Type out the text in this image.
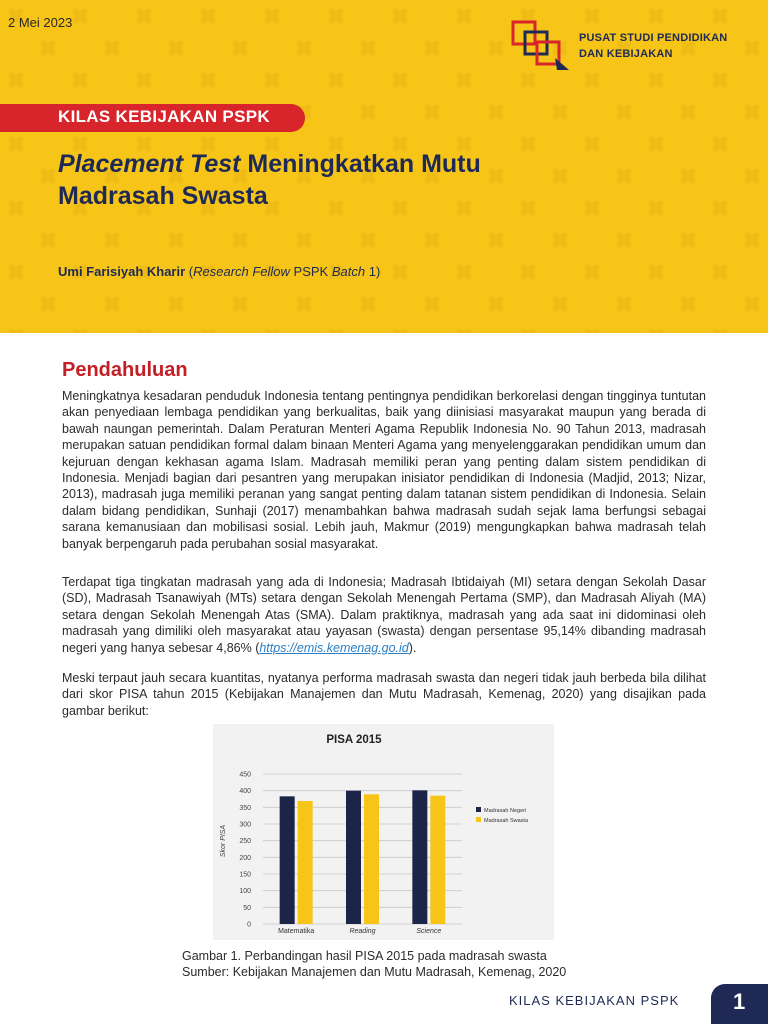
2 Mei 2023
PUSAT STUDI PENDIDIKAN
DAN KEBIJAKAN
KILAS KEBIJAKAN PSPK
Placement Test Meningkatkan Mutu
Madrasah Swasta
Umi Farisiyah Kharir (Research Fellow PSPK Batch 1)
Pendahuluan
Meningkatnya kesadaran penduduk Indonesia tentang pentingnya pendidikan berkorelasi dengan tingginya tuntutan akan penyediaan lembaga pendidikan yang berkualitas, baik yang diinisiasi masyarakat maupun yang berada di bawah naungan pemerintah. Dalam Peraturan Menteri Agama Republik Indonesia No. 90 Tahun 2013, madrasah merupakan satuan pendidikan formal dalam binaan Menteri Agama yang menyelenggarakan pendidikan umum dan kejuruan dengan kekhasan agama Islam. Madrasah memiliki peran yang penting dalam sistem pendidikan di Indonesia. Menjadi bagian dari pesantren yang merupakan inisiator pendidikan di Indonesia (Madjid, 2013; Nizar, 2013), madrasah juga memiliki peranan yang sangat penting dalam tatanan sistem pendidikan di Indonesia. Selain dalam bidang pendidikan, Sunhaji (2017) menambahkan bahwa madrasah sudah sejak lama berfungsi sebagai sarana kemanusiaan dan mobilisasi sosial. Lebih jauh, Makmur (2019) mengungkapkan bahwa madrasah telah banyak berpengaruh pada perubahan sosial masyarakat.
Terdapat tiga tingkatan madrasah yang ada di Indonesia; Madrasah Ibtidaiyah (MI) setara dengan Sekolah Dasar (SD), Madrasah Tsanawiyah (MTs) setara dengan Sekolah Menengah Pertama (SMP), dan Madrasah Aliyah (MA) setara dengan Sekolah Menengah Atas (SMA). Dalam praktiknya, madrasah yang ada saat ini didominasi oleh madrasah yang dimiliki oleh masyarakat atau yayasan (swasta) dengan persentase 95,14% dibanding madrasah negeri yang hanya sebesar 4,86% (https://emis.kemenag.go.id).
Meski terpaut jauh secara kuantitas, nyatanya performa madrasah swasta dan negeri tidak jauh berbeda bila dilihat dari skor PISA tahun 2015 (Kebijakan Manajemen dan Mutu Madrasah, Kemenag, 2020) yang disajikan pada gambar berikut:
PISA 2015
Skor PISA
0
50
100
150
200
250
300
350
400
450
Matematika	Reading	Science
Madrasah Negeri
Madrasah Swasta
Gambar 1. Perbandingan hasil PISA 2015 pada madrasah swasta
Sumber: Kebijakan Manajemen dan Mutu Madrasah, Kemenag, 2020
KILAS KEBIJAKAN PSPK 1
